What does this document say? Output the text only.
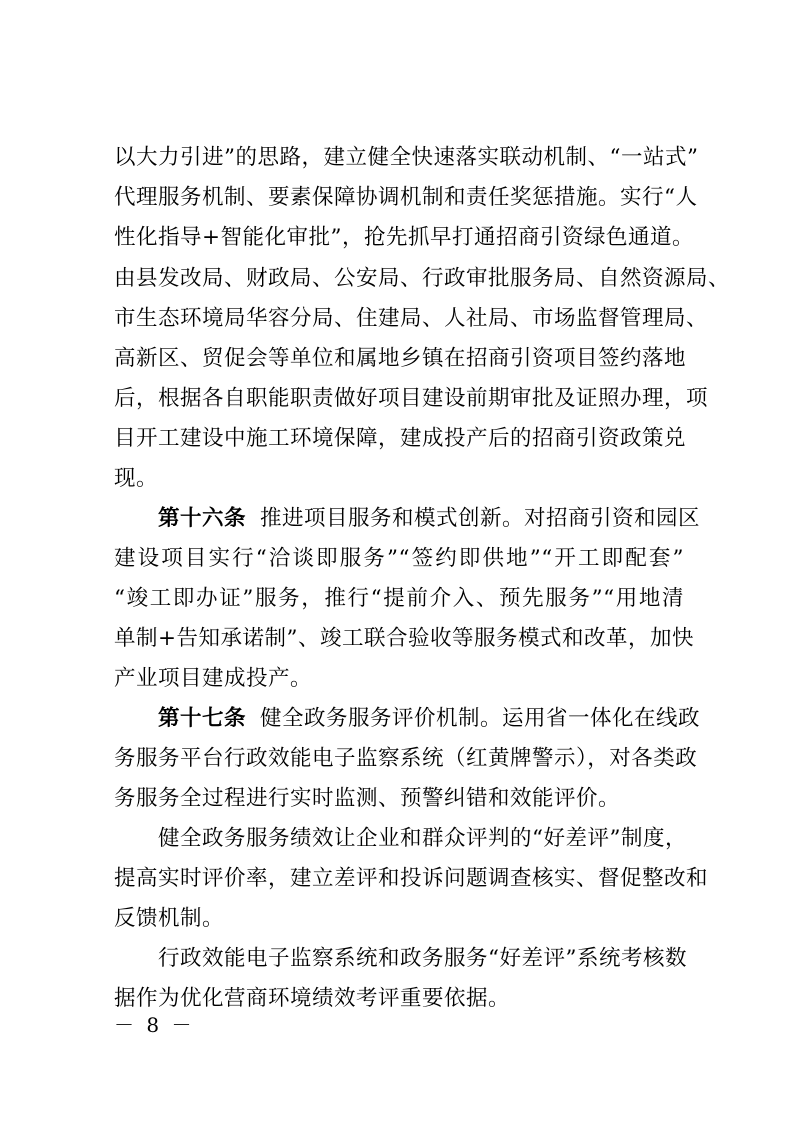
以大力引进”的思路，建立健全快速落实联动机制、“一站式”
代理服务机制、要素保障协调机制和责任奖惩措施。实行“人
性化指导+智能化审批”，抢先抓早打通招商引资绿色通道。
由县发改局、财政局、公安局、行政审批服务局、自然资源局、
市生态环境局华容分局、住建局、人社局、市场监督管理局、
高新区、贸促会等单位和属地乡镇在招商引资项目签约落地
后，根据各自职能职责做好项目建设前期审批及证照办理，项
目开工建设中施工环境保障，建成投产后的招商引资政策兑
现。
第十六条 推进项目服务和模式创新。对招商引资和园区
建设项目实行“洽谈即服务”“签约即供地”“开工即配套”
“竣工即办证”服务，推行“提前介入、预先服务”“用地清
单制+告知承诺制”、竣工联合验收等服务模式和改革，加快
产业项目建成投产。
第十七条 健全政务服务评价机制。运用省一体化在线政
务服务平台行政效能电子监察系统（红黄牌警示），对各类政
务服务全过程进行实时监测、预警纠错和效能评价。
健全政务服务绩效让企业和群众评判的“好差评”制度，
提高实时评价率，建立差评和投诉问题调查核实、督促整改和
反馈机制。
行政效能电子监察系统和政务服务“好差评”系统考核数
据作为优化营商环境绩效考评重要依据。
－ 8 －
